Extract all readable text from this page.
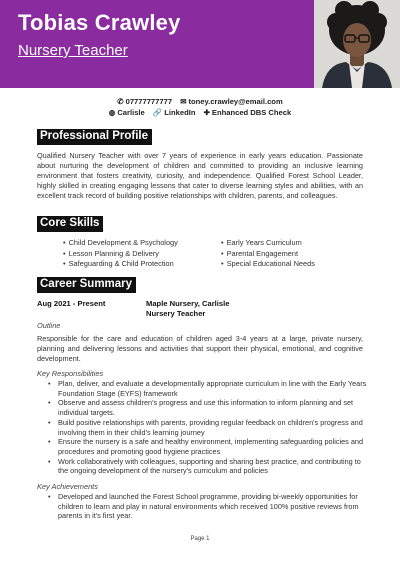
Tobias Crawley
Nursery Teacher
✆ 07777777777 ✉ toney.crawley@email.com
◍ Carlisle 🔗 LinkedIn ✚ Enhanced DBS Check
Professional Profile
Qualified Nursery Teacher with over 7 years of experience in early years education. Passionate about nurturing the development of children and committed to providing an inclusive learning environment that fosters creativity, curiosity, and independence. Qualified Forest School Leader, highly skilled in creating engaging lessons that cater to diverse learning styles and abilities, with an excellent track record of building positive relationships with children, parents, and colleagues.
Core Skills
• Child Development & Psychology
• Lesson Planning & Delivery
• Safeguarding & Child Protection
• Early Years Curriculum
• Parental Engagement
• Special Educational Needs
Career Summary
Aug 2021 - Present	Maple Nursery, Carlisle
Nursery Teacher
Outline
Responsible for the care and education of children aged 3-4 years at a large, private nursery, planning and delivering lessons and activities that support their physical, emotional, and cognitive development.
Key Responsibilities
• Plan, deliver, and evaluate a developmentally appropriate curriculum in line with the Early Years Foundation Stage (EYFS) framework
• Observe and assess children's progress and use this information to inform planning and set individual targets.
• Build positive relationships with parents, providing regular feedback on children's progress and involving them in their child's learning journey
• Ensure the nursery is a safe and healthy environment, implementing safeguarding policies and procedures and promoting good hygiene practices
• Work collaboratively with colleagues, supporting and sharing best practice, and contributing to the ongoing development of the nursery's curriculum and policies
Key Achievements
• Developed and launched the Forest School programme, providing bi-weekly opportunities for children to learn and play in natural environments which received 100% positive reviews from parents in it's first year.
Page 1
